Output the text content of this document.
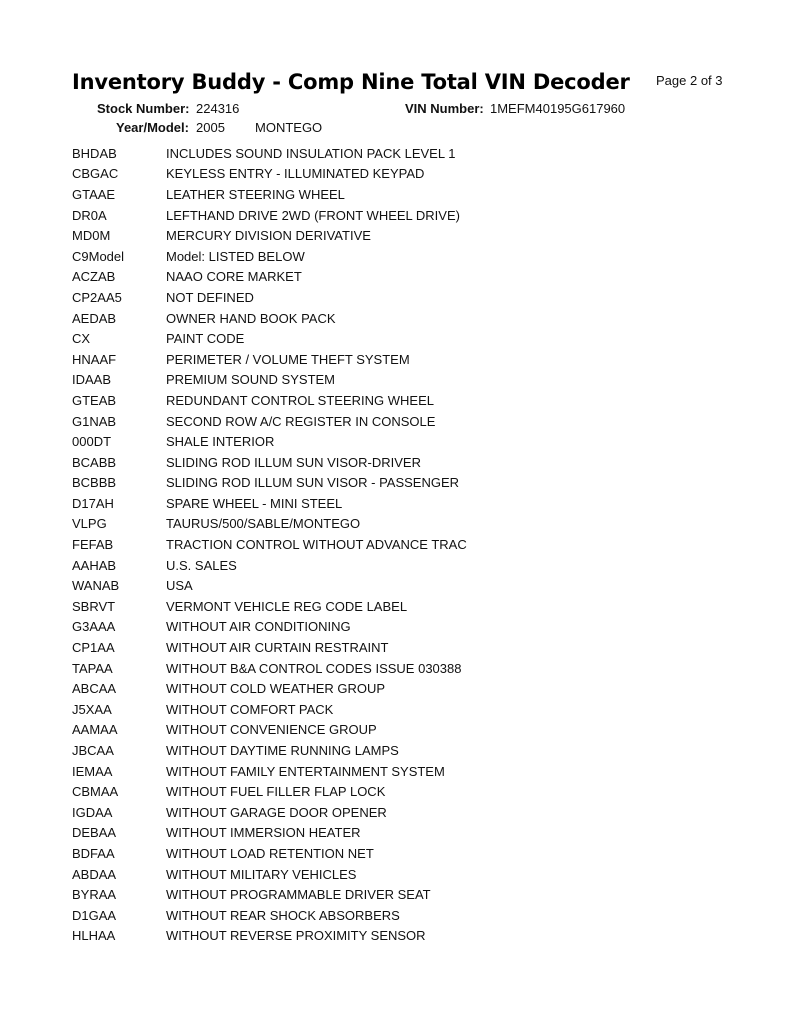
Inventory Buddy - Comp Nine Total VIN Decoder Page 2 of 3
Stock Number: 224316	VIN Number: 1MEFM40195G617960
Year/Model: 2005 MONTEGO
BHDAB	INCLUDES SOUND INSULATION PACK LEVEL 1
CBGAC	KEYLESS ENTRY - ILLUMINATED KEYPAD
GTAAE	LEATHER STEERING WHEEL
DR0A	LEFTHAND DRIVE 2WD (FRONT WHEEL DRIVE)
MD0M	MERCURY DIVISION DERIVATIVE
C9Model	Model: LISTED BELOW
ACZAB	NAAO CORE MARKET
CP2AA5	NOT DEFINED
AEDAB	OWNER HAND BOOK PACK
CX	PAINT CODE
HNAAF	PERIMETER / VOLUME THEFT SYSTEM
IDAAB	PREMIUM SOUND SYSTEM
GTEAB	REDUNDANT CONTROL STEERING WHEEL
G1NAB	SECOND ROW A/C REGISTER IN CONSOLE
000DT	SHALE INTERIOR
BCABB	SLIDING ROD ILLUM SUN VISOR-DRIVER
BCBBB	SLIDING ROD ILLUM SUN VISOR - PASSENGER
D17AH	SPARE WHEEL - MINI STEEL
VLPG	TAURUS/500/SABLE/MONTEGO
FEFAB	TRACTION CONTROL WITHOUT ADVANCE TRAC
AAHAB	U.S. SALES
WANAB	USA
SBRVT	VERMONT VEHICLE REG CODE LABEL
G3AAA	WITHOUT AIR CONDITIONING
CP1AA	WITHOUT AIR CURTAIN RESTRAINT
TAPAA	WITHOUT B&A CONTROL CODES ISSUE 030388
ABCAA	WITHOUT COLD WEATHER GROUP
J5XAA	WITHOUT COMFORT PACK
AAMAA	WITHOUT CONVENIENCE GROUP
JBCAA	WITHOUT DAYTIME RUNNING LAMPS
IEMAA	WITHOUT FAMILY ENTERTAINMENT SYSTEM
CBMAA	WITHOUT FUEL FILLER FLAP LOCK
IGDAA	WITHOUT GARAGE DOOR OPENER
DEBAA	WITHOUT IMMERSION HEATER
BDFAA	WITHOUT LOAD RETENTION NET
ABDAA	WITHOUT MILITARY VEHICLES
BYRAA	WITHOUT PROGRAMMABLE DRIVER SEAT
D1GAA	WITHOUT REAR SHOCK ABSORBERS
HLHAA	WITHOUT REVERSE PROXIMITY SENSOR
